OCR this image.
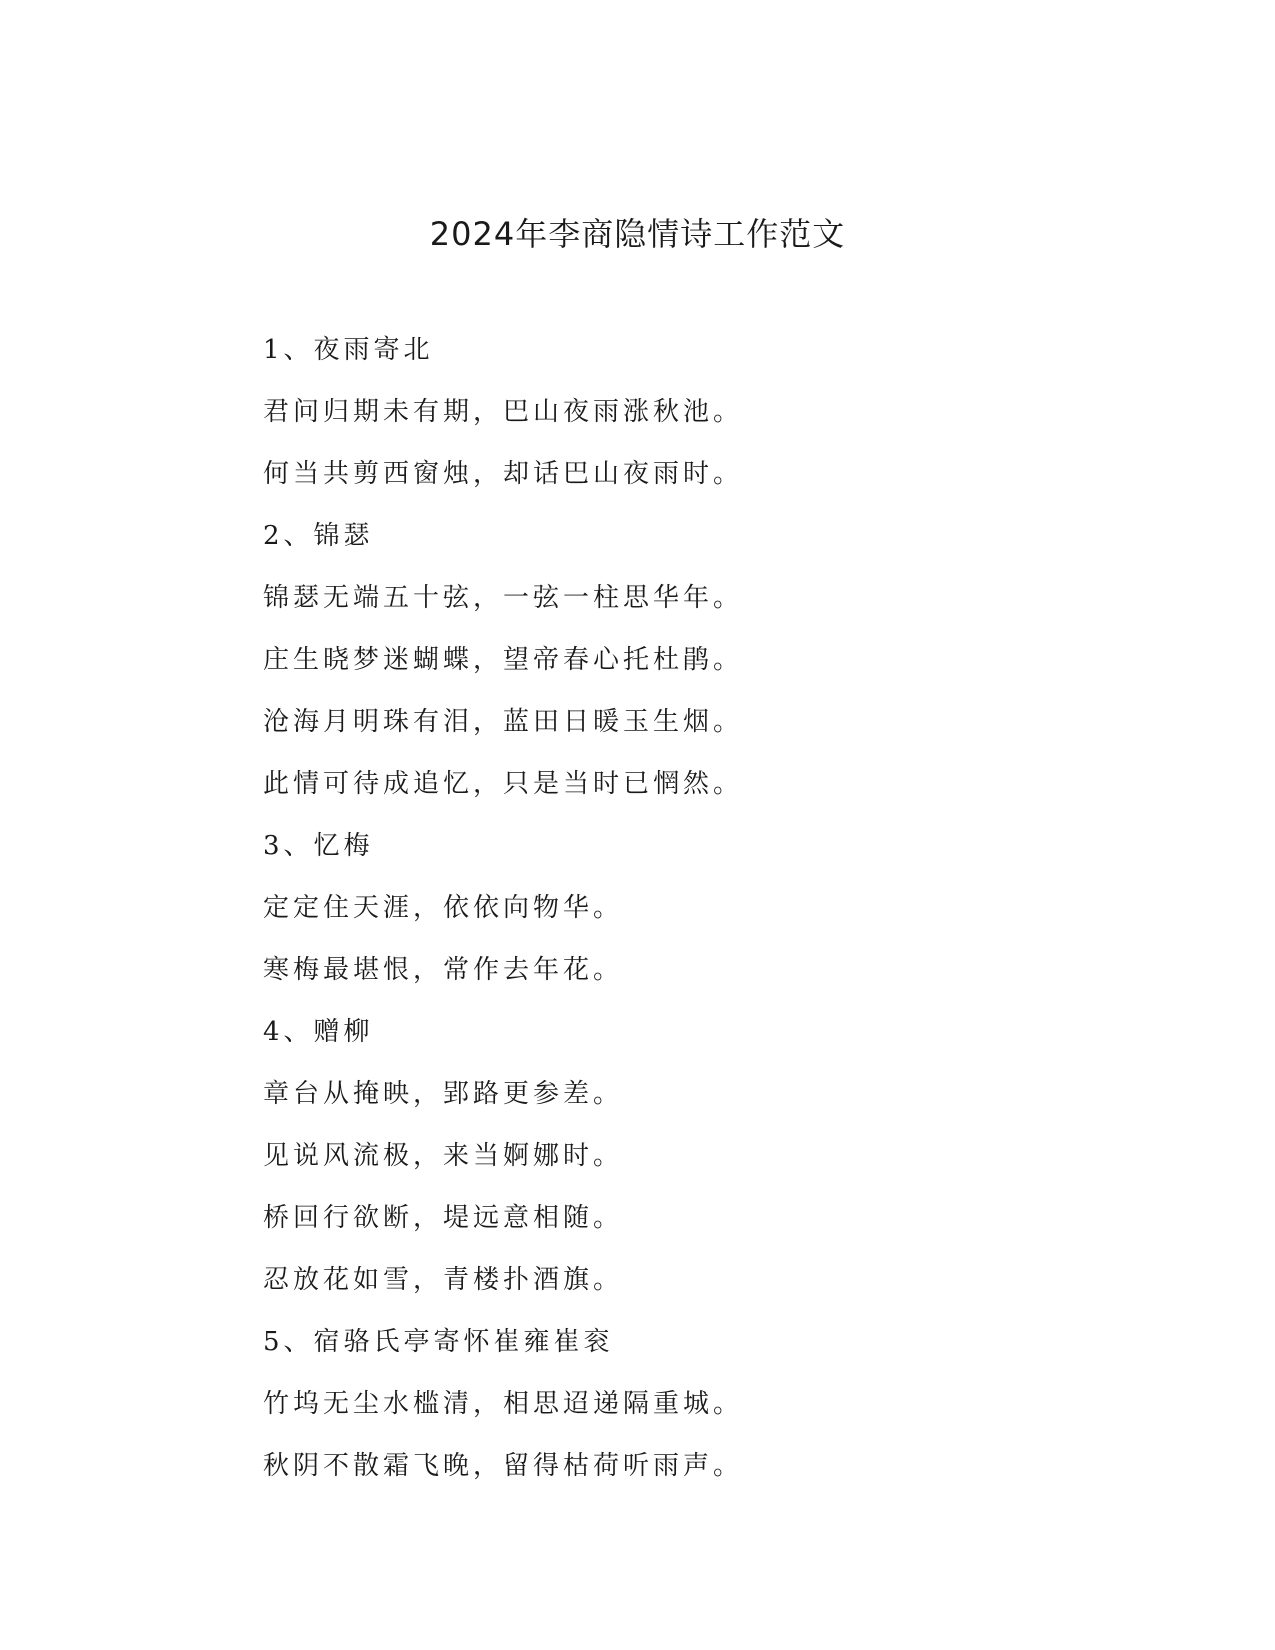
2024年李商隐情诗工作范文
1、夜雨寄北
君问归期未有期，巴山夜雨涨秋池。
何当共剪西窗烛，却话巴山夜雨时。
2、锦瑟
锦瑟无端五十弦，一弦一柱思华年。
庄生晓梦迷蝴蝶，望帝春心托杜鹃。
沧海月明珠有泪，蓝田日暖玉生烟。
此情可待成追忆，只是当时已惘然。
3、忆梅
定定住天涯，依依向物华。
寒梅最堪恨，常作去年花。
4、赠柳
章台从掩映，郢路更参差。
见说风流极，来当婀娜时。
桥回行欲断，堤远意相随。
忍放花如雪，青楼扑酒旗。
5、宿骆氏亭寄怀崔雍崔衮
竹坞无尘水槛清，相思迢递隔重城。
秋阴不散霜飞晚，留得枯荷听雨声。
